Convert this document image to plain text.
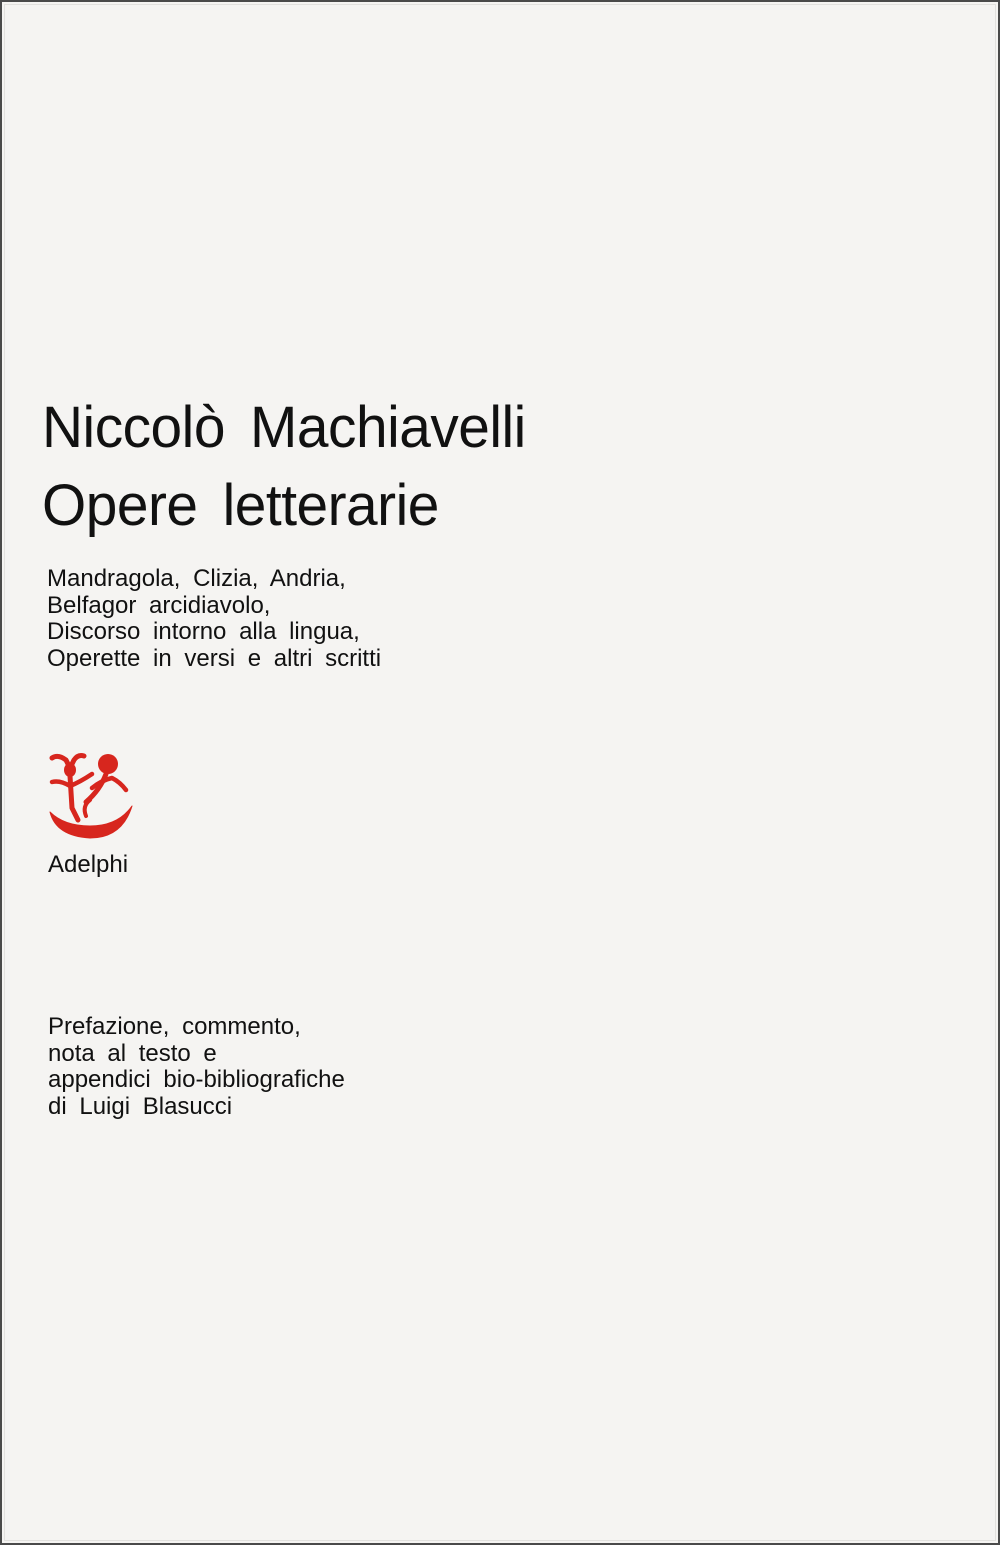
Niccolò Machiavelli
Opere letterarie
Mandragola, Clizia, Andria,
Belfagor arcidiavolo,
Discorso intorno alla lingua,
Operette in versi e altri scritti
Adelphi
Prefazione, commento,
nota al testo e
appendici bio-bibliografiche
di Luigi Blasucci
